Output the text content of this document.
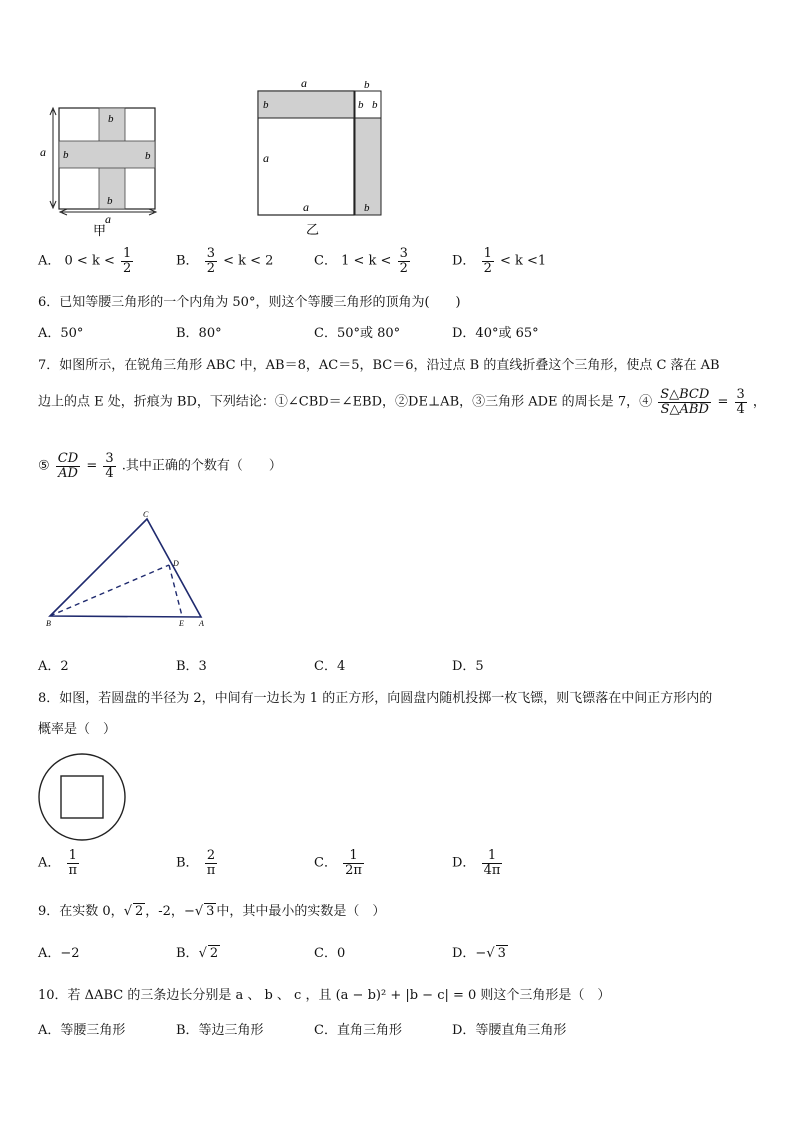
a
b
b	b
b
a
甲
a	b
b	b b
a
a	b
乙
A． $0 < k < \frac{1}{2}$	B． $\frac{3}{2} < k < 2$	C． $1 < k < \frac{3}{2}$	D． $\frac{1}{2} < k <1$
6．已知等腰三角形的一个内角为 50°，则这个等腰三角形的顶角为(　　)
A．50°	B．80°	C．50°或 80°	D．40°或 65°
7．如图所示，在锐角三角形 ABC 中，AB＝8，AC＝5，BC＝6，沿过点 B 的直线折叠这个三角形，使点 C 落在 AB
边上的点 E 处，折痕为 BD，下列结论：①∠CBD＝∠EBD，②DE⊥AB，③三角形 ADE 的周长是 7，④ $\frac{\text{S△BCD}}{\text{S△ABD}} = \frac{3}{4}$ ，
⑤ $\frac{CD}{AD} = \frac{3}{4}$ .其中正确的个数有（　　）
C
D
B	E A
A．2	B．3	C．4	D．5
8．如图，若圆盘的半径为 2，中间有一边长为 1 的正方形，向圆盘内随机投掷一枚飞镖，则飞镖落在中间正方形内的
概率是（　）
A． $\frac{1}{\pi}$	B． $\frac{2}{\pi}$	C． $\frac{1}{2\pi}$	D． $\frac{1}{4\pi}$
9．在实数 0，√ 2 ，-2，−√ 3 中，其中最小的实数是（　）
A．−2	B．√ 2	C．0	D．−√ 3
10．若 ΔABC 的三条边长分别是 a 、 b 、 c ，且 (a − b)² + |b − c| = 0 则这个三角形是（　）
A．等腰三角形	B．等边三角形	C．直角三角形	D．等腰直角三角形
